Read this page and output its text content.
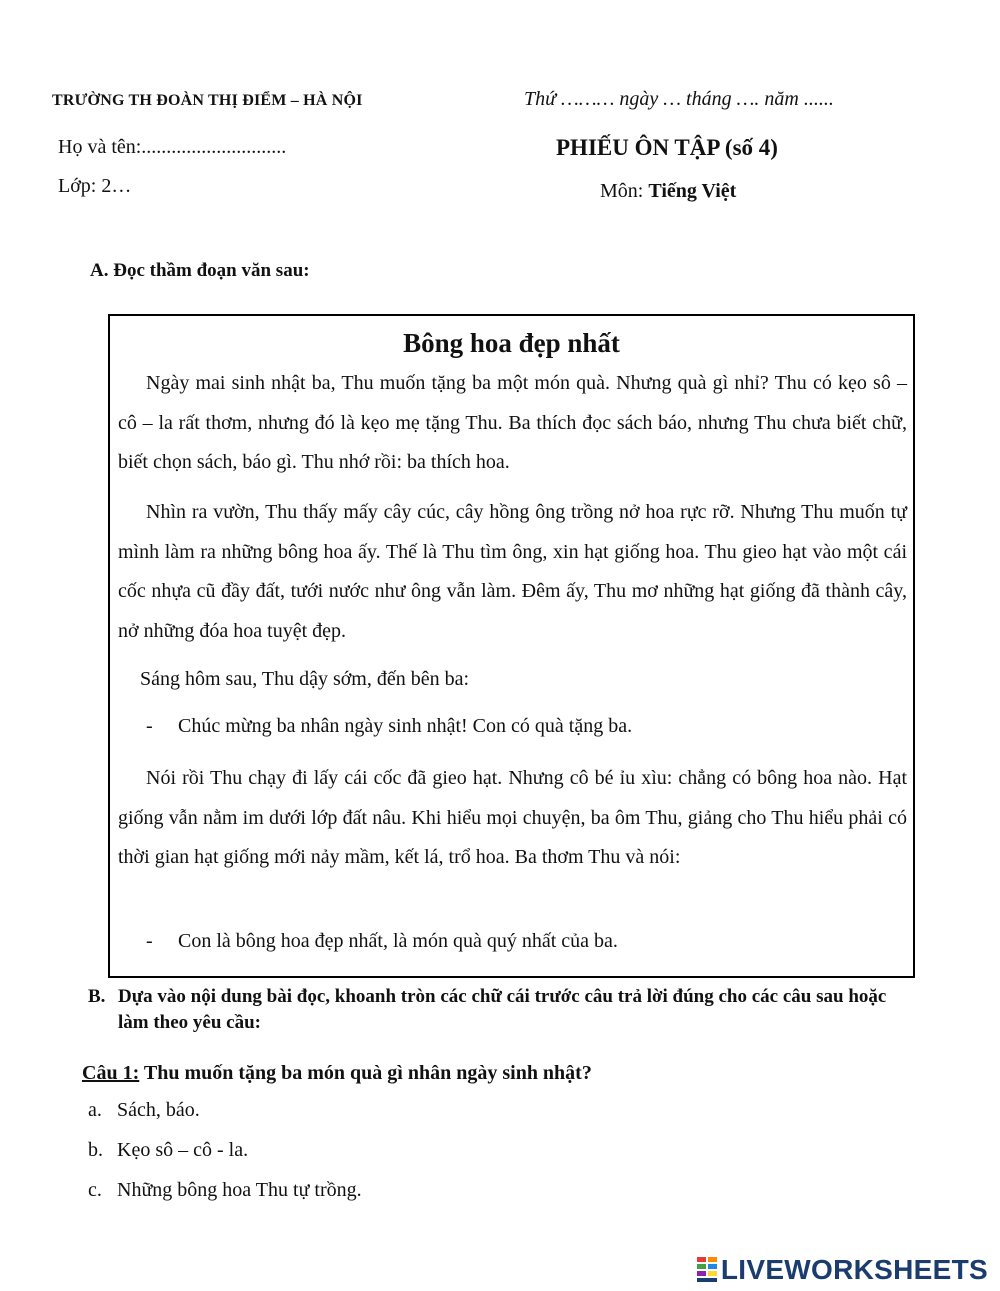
TRƯỜNG TH ĐOÀN THỊ ĐIỂM – HÀ NỘI	Thứ ……… ngày … tháng …. năm ......
Họ và tên:.............................
Lớp: 2…
PHIẾU ÔN TẬP (số 4)
Môn: Tiếng Việt
A. Đọc thầm đoạn văn sau:
Bông hoa đẹp nhất
Ngày mai sinh nhật ba, Thu muốn tặng ba một món quà. Nhưng quà gì nhỉ? Thu có kẹo sô – cô – la rất thơm, nhưng đó là kẹo mẹ tặng Thu. Ba thích đọc sách báo, nhưng Thu chưa biết chữ, biết chọn sách, báo gì. Thu nhớ rồi: ba thích hoa.
Nhìn ra vườn, Thu thấy mấy cây cúc, cây hồng ông trồng nở hoa rực rỡ. Nhưng Thu muốn tự mình làm ra những bông hoa ấy. Thế là Thu tìm ông, xin hạt giống hoa. Thu gieo hạt vào một cái cốc nhựa cũ đầy đất, tưới nước như ông vẫn làm. Đêm ấy, Thu mơ những hạt giống đã thành cây, nở những đóa hoa tuyệt đẹp.
Sáng hôm sau, Thu dậy sớm, đến bên ba:
- Chúc mừng ba nhân ngày sinh nhật! Con có quà tặng ba.
Nói rồi Thu chạy đi lấy cái cốc đã gieo hạt. Nhưng cô bé ỉu xìu: chẳng có bông hoa nào. Hạt giống vẫn nằm im dưới lớp đất nâu. Khi hiểu mọi chuyện, ba ôm Thu, giảng cho Thu hiểu phải có thời gian hạt giống mới nảy mầm, kết lá, trổ hoa. Ba thơm Thu và nói:
- Con là bông hoa đẹp nhất, là món quà quý nhất của ba.
B. Dựa vào nội dung bài đọc, khoanh tròn các chữ cái trước câu trả lời đúng cho các câu sau hoặc làm theo yêu cầu:
Câu 1: Thu muốn tặng ba món quà gì nhân ngày sinh nhật?
a. Sách, báo.
b. Kẹo sô – cô - la.
c. Những bông hoa Thu tự trồng.
LIVEWORKSHEETS
